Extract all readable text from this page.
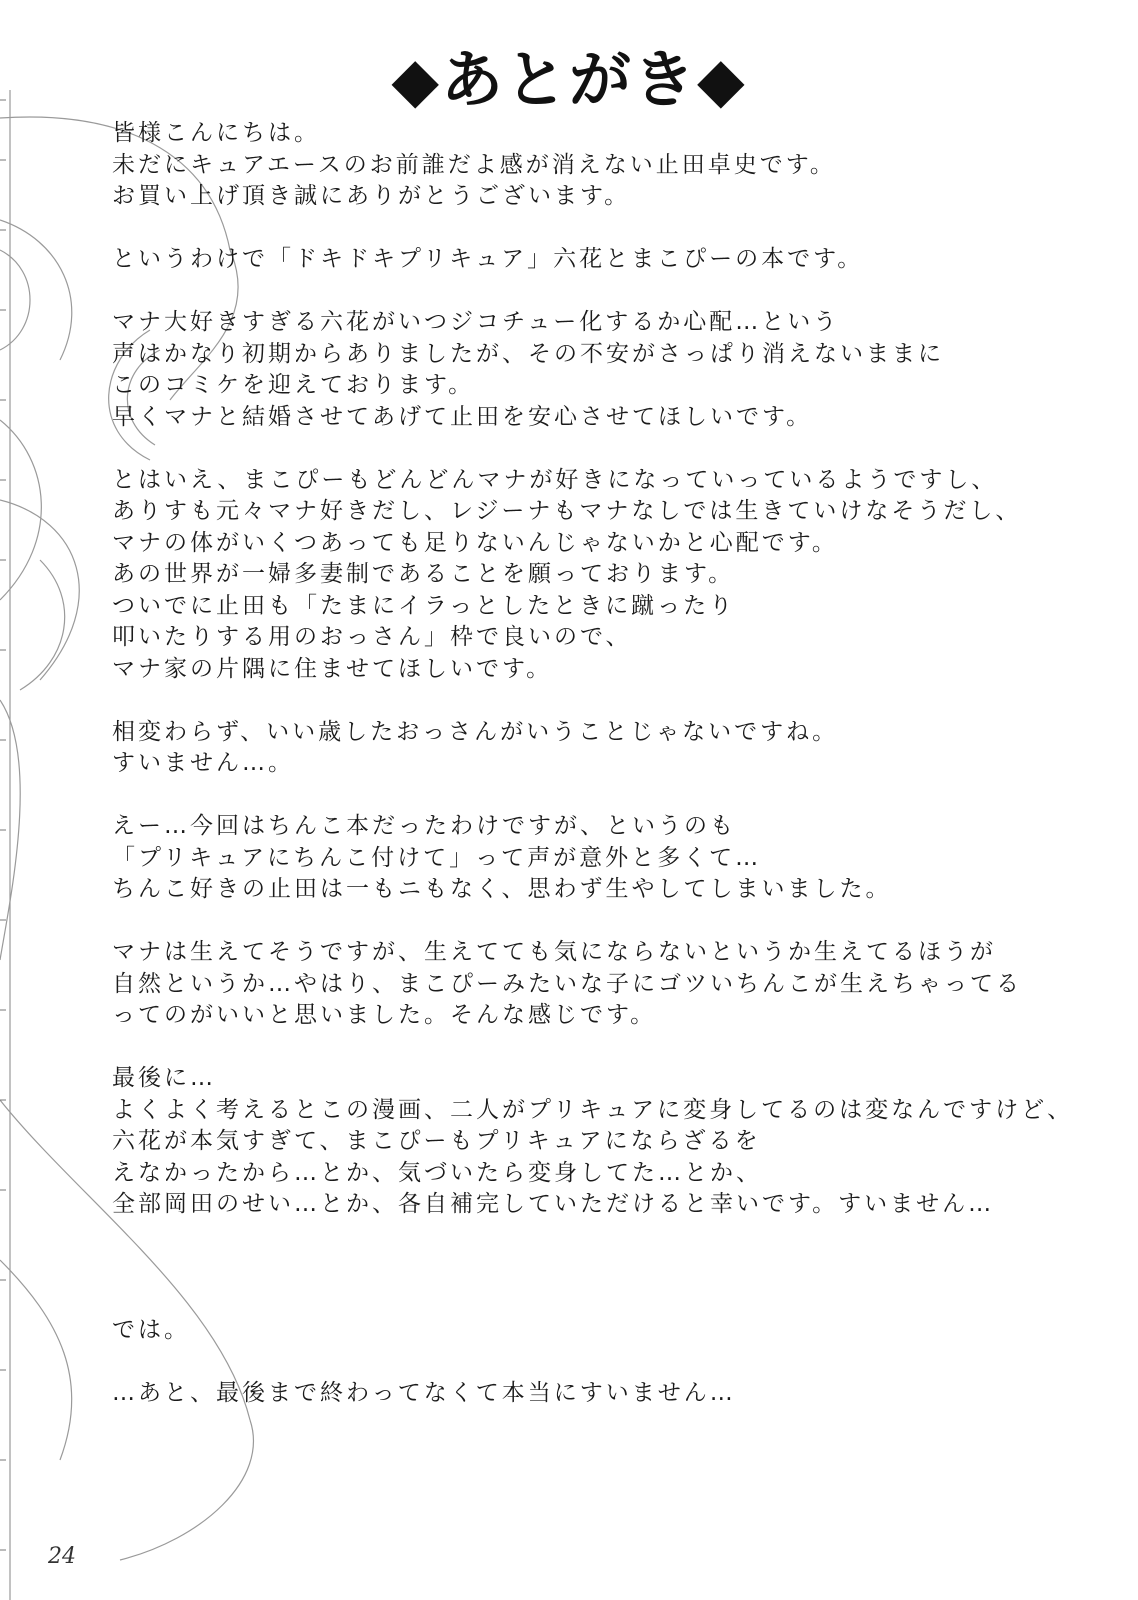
◆あとがき◆
皆様こんにちは。
未だにキュアエースのお前誰だよ感が消えない止田卓史です。
お買い上げ頂き誠にありがとうございます。
というわけで「ドキドキプリキュア」六花とまこぴーの本です。
マナ大好きすぎる六花がいつジコチュー化するか心配…という
声はかなり初期からありましたが、その不安がさっぱり消えないままに
このコミケを迎えております。
早くマナと結婚させてあげて止田を安心させてほしいです。
とはいえ、まこぴーもどんどんマナが好きになっていっているようですし、
ありすも元々マナ好きだし、レジーナもマナなしでは生きていけなそうだし、
マナの体がいくつあっても足りないんじゃないかと心配です。
あの世界が一婦多妻制であることを願っております。
ついでに止田も「たまにイラっとしたときに蹴ったり
叩いたりする用のおっさん」枠で良いので、
マナ家の片隅に住ませてほしいです。
相変わらず、いい歳したおっさんがいうことじゃないですね。
すいません…。
えー…今回はちんこ本だったわけですが、というのも
「プリキュアにちんこ付けて」って声が意外と多くて…
ちんこ好きの止田は一もニもなく、思わず生やしてしまいました。
マナは生えてそうですが、生えてても気にならないというか生えてるほうが
自然というか…やはり、まこぴーみたいな子にゴツいちんこが生えちゃってる
ってのがいいと思いました。そんな感じです。
最後に…
よくよく考えるとこの漫画、二人がプリキュアに変身してるのは変なんですけど、
六花が本気すぎて、まこぴーもプリキュアにならざるを
えなかったから…とか、気づいたら変身してた…とか、
全部岡田のせい…とか、各自補完していただけると幸いです。すいません…
では。
…あと、最後まで終わってなくて本当にすいません…
24
